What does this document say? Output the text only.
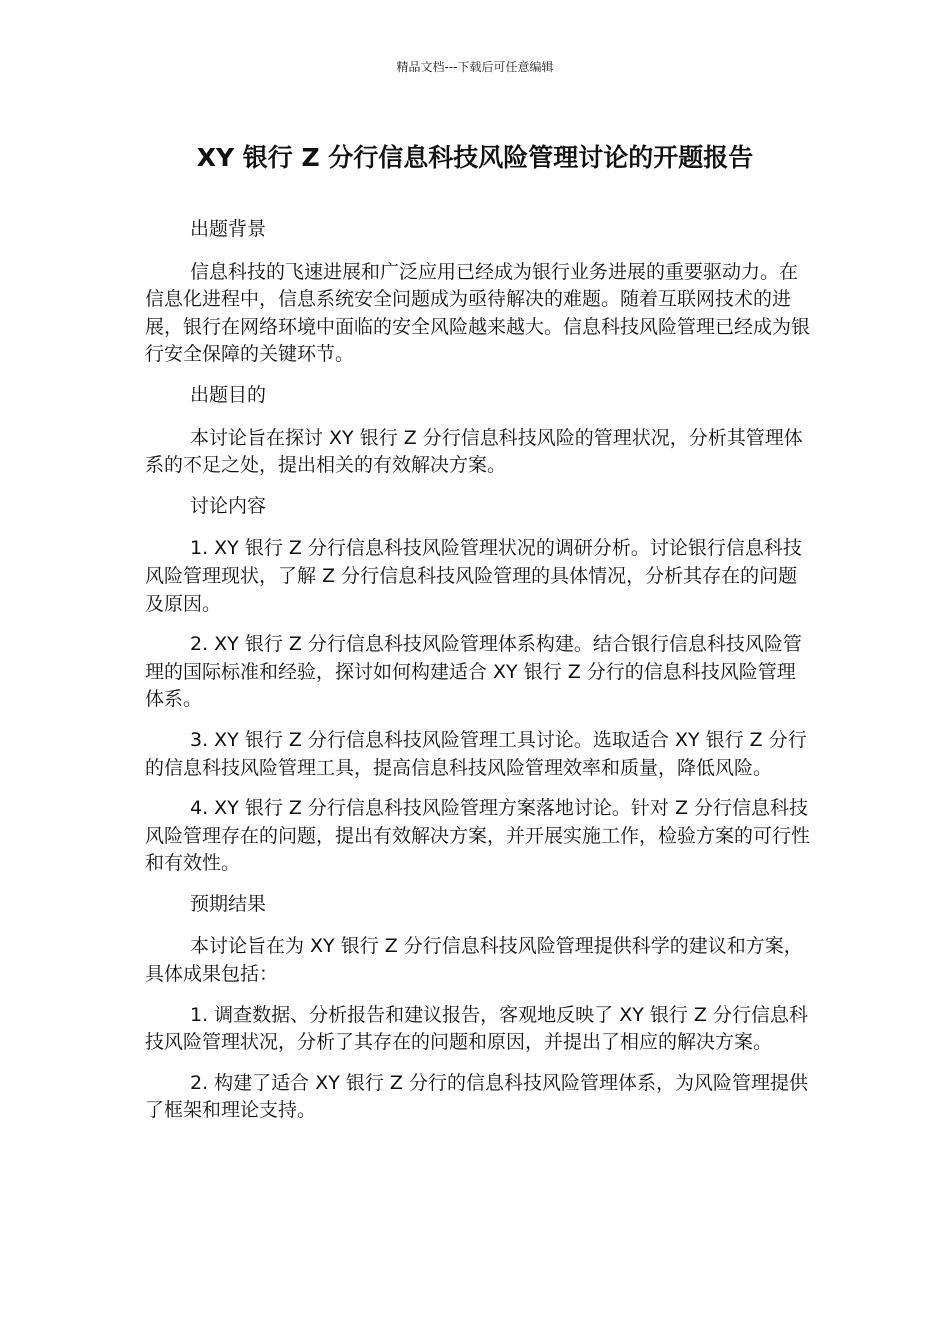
精品文档---下载后可任意编辑
XY 银行 Z 分行信息科技风险管理讨论的开题报告

出题背景

信息科技的飞速进展和广泛应用已经成为银行业务进展的重要驱动力。在信息化进程中，信息系统安全问题成为亟待解决的难题。随着互联网技术的进展，银行在网络环境中面临的安全风险越来越大。信息科技风险管理已经成为银行安全保障的关键环节。

出题目的

本讨论旨在探讨 XY 银行 Z 分行信息科技风险的管理状况，分析其管理体系的不足之处，提出相关的有效解决方案。

讨论内容

1. XY 银行 Z 分行信息科技风险管理状况的调研分析。讨论银行信息科技风险管理现状，了解 Z 分行信息科技风险管理的具体情况，分析其存在的问题及原因。

2. XY 银行 Z 分行信息科技风险管理体系构建。结合银行信息科技风险管理的国际标准和经验，探讨如何构建适合 XY 银行 Z 分行的信息科技风险管理体系。

3. XY 银行 Z 分行信息科技风险管理工具讨论。选取适合 XY 银行 Z 分行的信息科技风险管理工具，提高信息科技风险管理效率和质量，降低风险。

4. XY 银行 Z 分行信息科技风险管理方案落地讨论。针对 Z 分行信息科技风险管理存在的问题，提出有效解决方案，并开展实施工作，检验方案的可行性和有效性。

预期结果

本讨论旨在为 XY 银行 Z 分行信息科技风险管理提供科学的建议和方案，具体成果包括：

1. 调查数据、分析报告和建议报告，客观地反映了 XY 银行 Z 分行信息科技风险管理状况，分析了其存在的问题和原因，并提出了相应的解决方案。

2. 构建了适合 XY 银行 Z 分行的信息科技风险管理体系，为风险管理提供了框架和理论支持。
